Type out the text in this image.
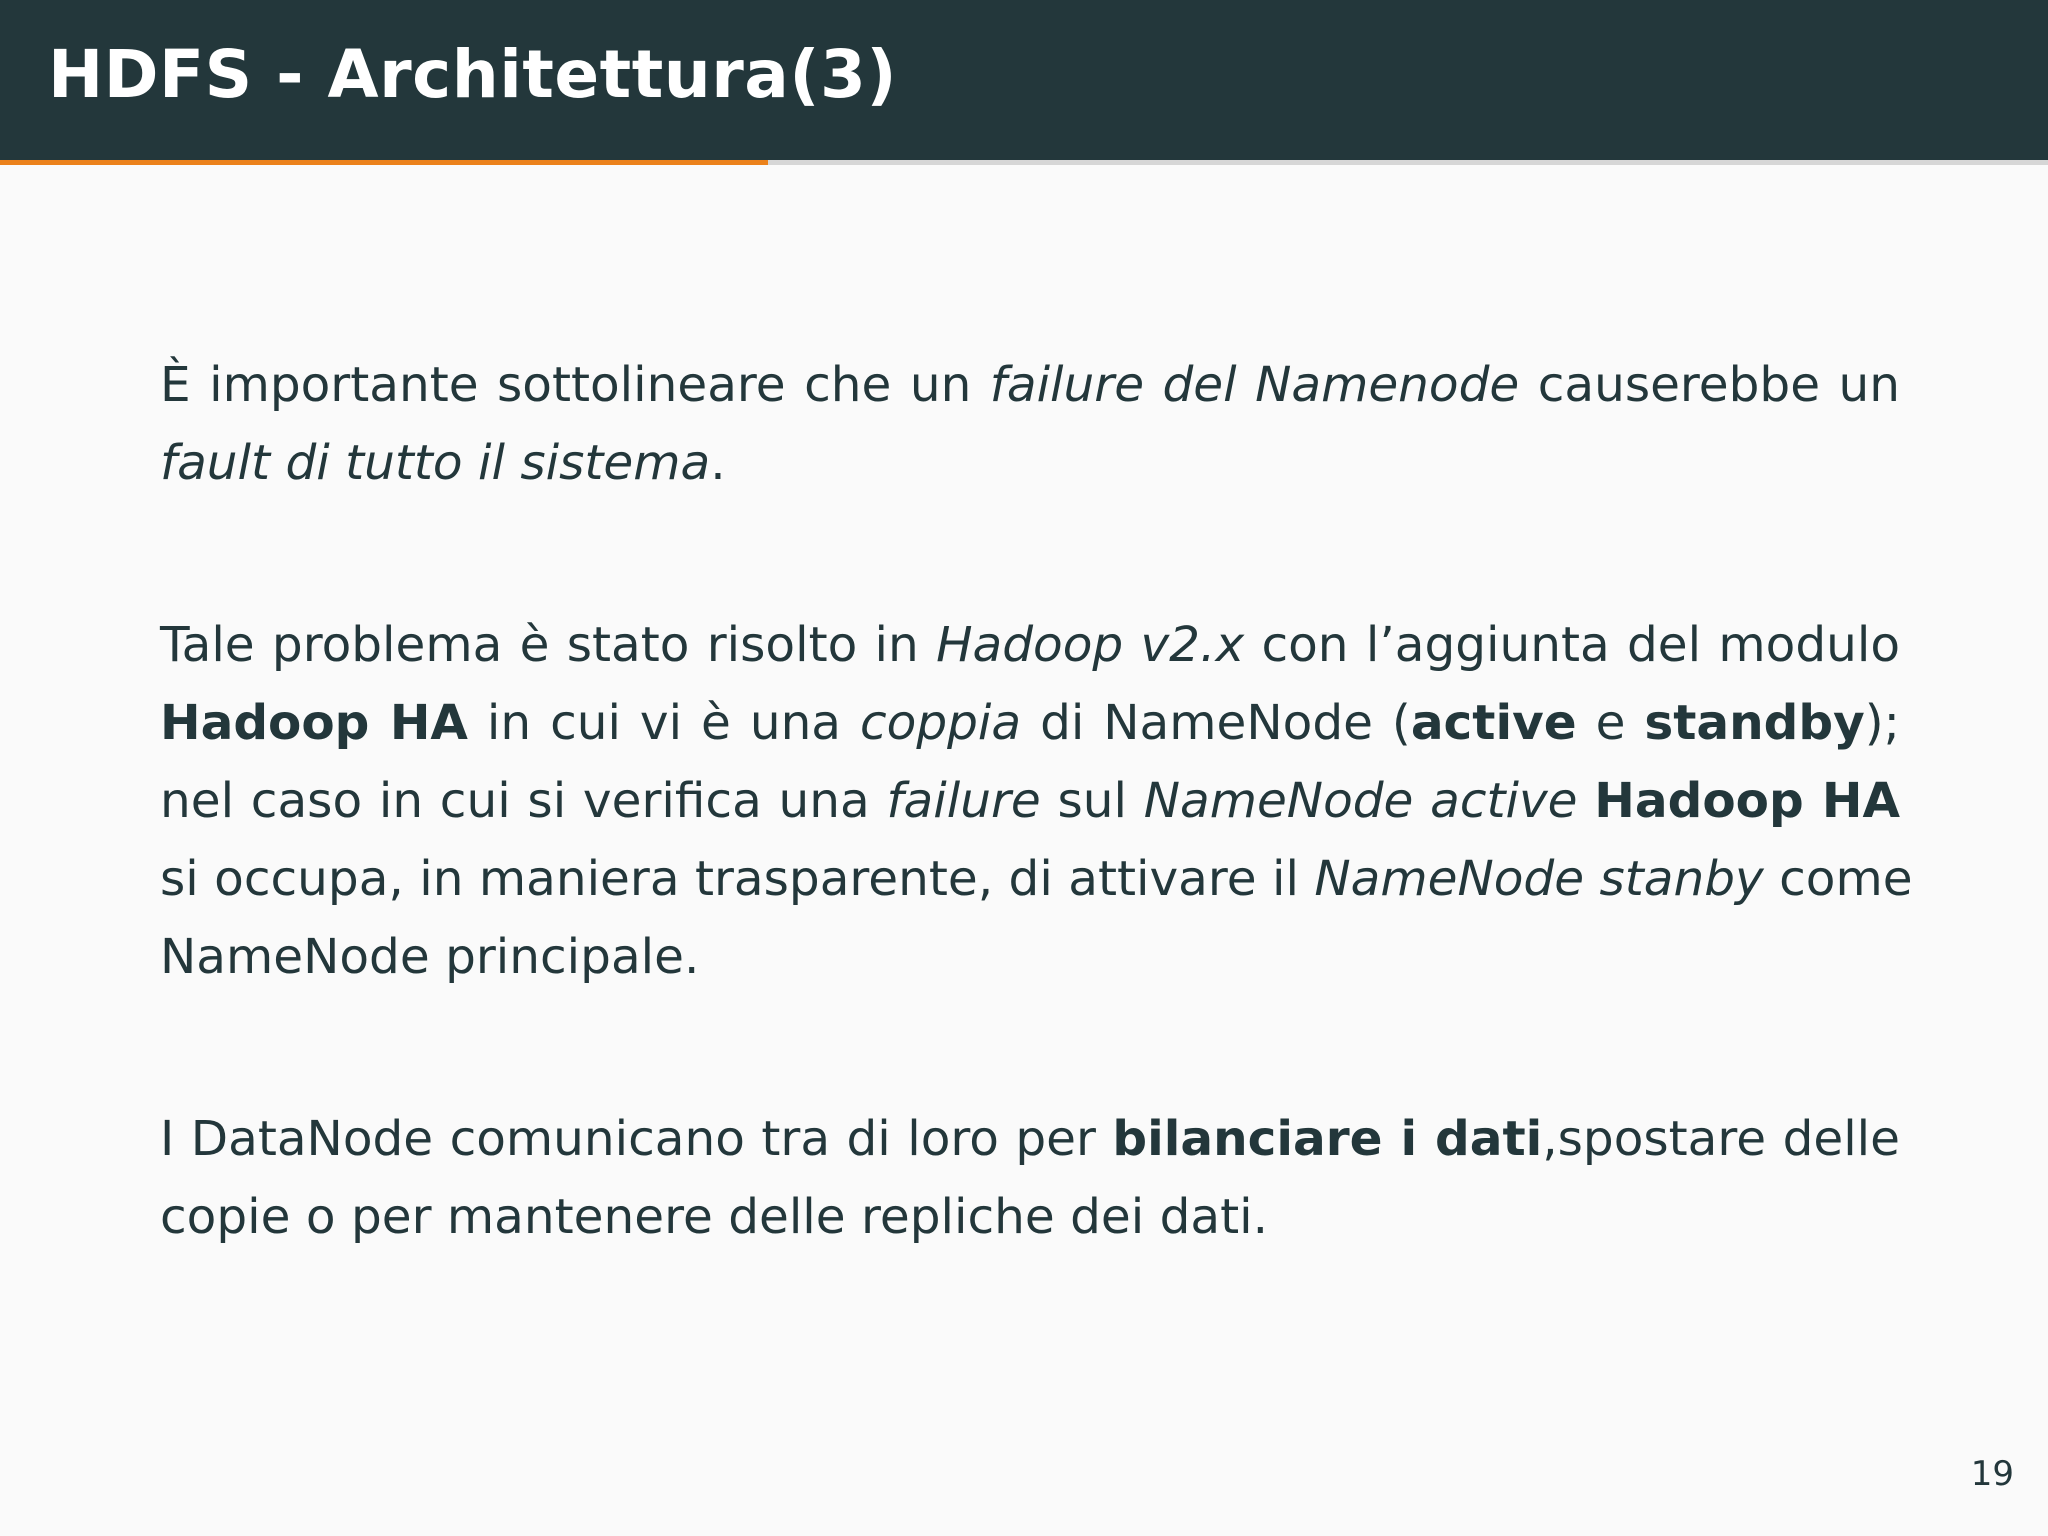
HDFS - Architettura(3)

È importante sottolineare che un failure del Namenode causerebbe un
fault di tutto il sistema.

Tale problema è stato risolto in Hadoop v2.x con l’aggiunta del modulo
Hadoop HA in cui vi è una coppia di NameNode (active e standby);
nel caso in cui si verifica una failure sul NameNode active Hadoop HA
si occupa, in maniera trasparente, di attivare il NameNode stanby come
NameNode principale.

I DataNode comunicano tra di loro per bilanciare i dati,spostare delle
copie o per mantenere delle repliche dei dati.

19
